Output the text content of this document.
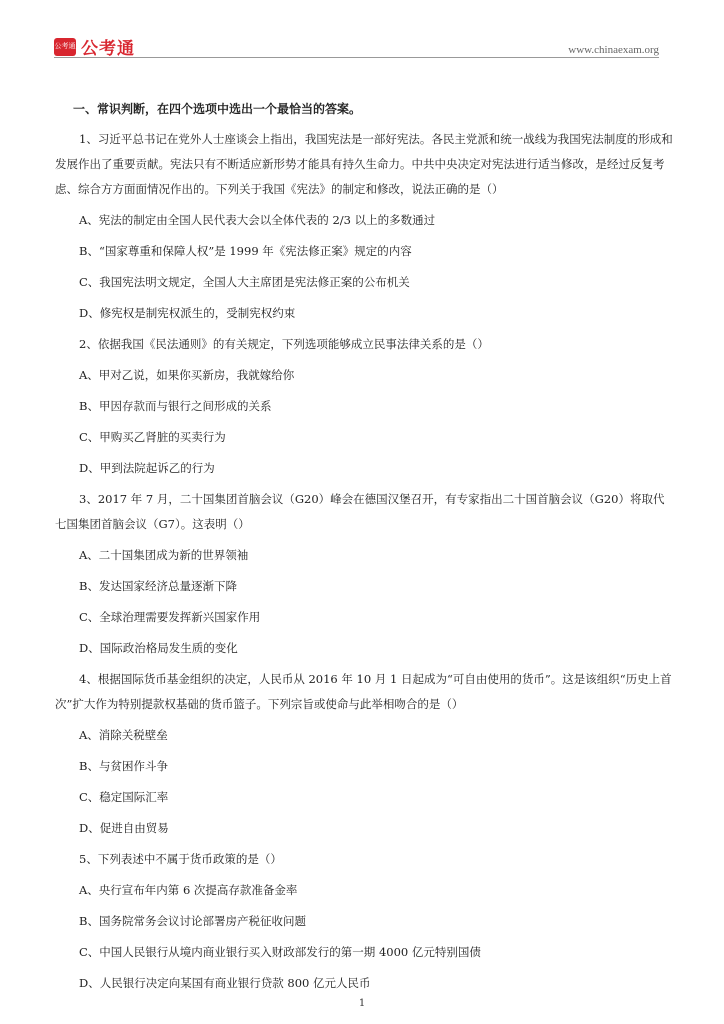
公考通 公考通	www.chinaexam.org
一、常识判断，在四个选项中选出一个最恰当的答案。

1、习近平总书记在党外人士座谈会上指出，我国宪法是一部好宪法。各民主党派和统一战线为我国宪法制度的形成和发展作出了重要贡献。宪法只有不断适应新形势才能具有持久生命力。中共中央决定对宪法进行适当修改，是经过反复考虑、综合方方面面情况作出的。下列关于我国《宪法》的制定和修改，说法正确的是（）

A、宪法的制定由全国人民代表大会以全体代表的 2/3 以上的多数通过
B、“国家尊重和保障人权”是 1999 年《宪法修正案》规定的内容
C、我国宪法明文规定，全国人大主席团是宪法修正案的公布机关
D、修宪权是制宪权派生的，受制宪权约束

2、依据我国《民法通则》的有关规定，下列选项能够成立民事法律关系的是（）

A、甲对乙说，如果你买新房，我就嫁给你
B、甲因存款而与银行之间形成的关系
C、甲购买乙肾脏的买卖行为
D、甲到法院起诉乙的行为

3、2017 年 7 月，二十国集团首脑会议（G20）峰会在德国汉堡召开，有专家指出二十国首脑会议（G20）将取代七国集团首脑会议（G7）。这表明（）

A、二十国集团成为新的世界领袖
B、发达国家经济总量逐渐下降
C、全球治理需要发挥新兴国家作用
D、国际政治格局发生质的变化

4、根据国际货币基金组织的决定，人民币从 2016 年 10 月 1 日起成为“可自由使用的货币”。这是该组织“历史上首次”扩大作为特别提款权基础的货币篮子。下列宗旨或使命与此举相吻合的是（）

A、消除关税壁垒
B、与贫困作斗争
C、稳定国际汇率
D、促进自由贸易

5、下列表述中不属于货币政策的是（）

A、央行宣布年内第 6 次提高存款准备金率
B、国务院常务会议讨论部署房产税征收问题
C、中国人民银行从境内商业银行买入财政部发行的第一期 4000 亿元特别国债
D、人民银行决定向某国有商业银行贷款 800 亿元人民币
1
